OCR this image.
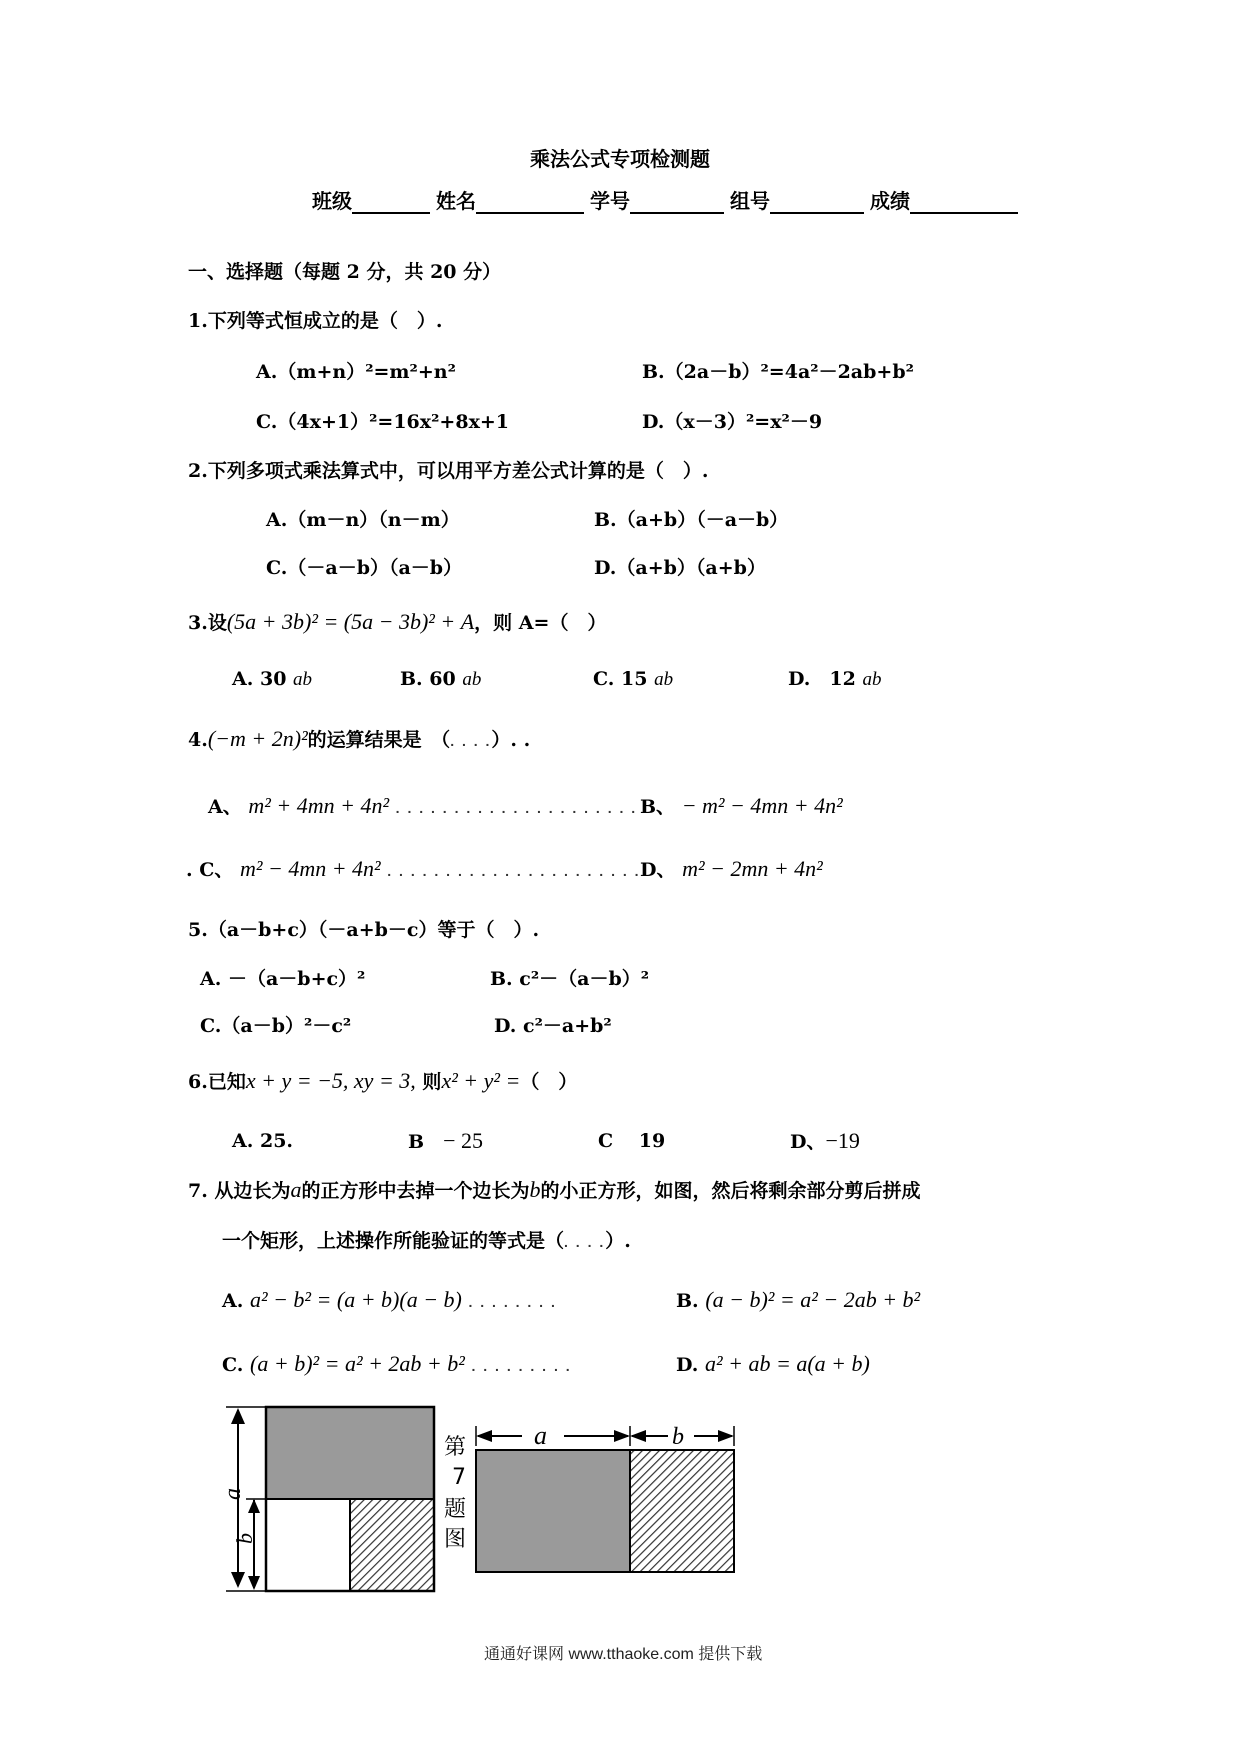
乘法公式专项检测题
班级	姓名	学号	组号	成绩
一、选择题（每题 2 分，共 20 分）
1.下列等式恒成立的是（　）.
A.（m+n）²=m²+n²	B.（2a－b）²=4a²－2ab+b²
C.（4x+1）²=16x²+8x+1	D.（x－3）²=x²－9
2.下列多项式乘法算式中，可以用平方差公式计算的是（　）.
A.（m－n）（n－m）	B.（a+b）（－a－b）
C.（－a－b）（a－b）	D.（a+b）（a+b）
3.设(5a + 3b)² = (5a − 3b)² + A，则 A=（　）
A. 30 ab	B. 60 ab	C. 15 ab	D.　12 ab
4.(−m + 2n)²的运算结果是　（. . . .）. .
A、 m² + 4mn + 4n² . . . . . . . . . . . . . . . . . . . . . .
B、 − m² − 4mn + 4n²
. C、 m² − 4mn + 4n² . . . . . . . . . . . . . . . . . . . . . . D、 m² − 2mn + 4n²
5.（a－b+c）（－a+b－c）等于（　）.
A. －（a－b+c）²	B. c²－（a－b）²
C.（a－b）²－c²	D. c²－a+b²
6.已知x + y = −5, xy = 3, 则x² + y² =（　）
A. 25.	B　 − 25	C　 19	D、−19
7. 从边长为a的正方形中去掉一个边长为b的小正方形，如图，然后将剩余部分剪后拼成
一个矩形，上述操作所能验证的等式是（. . . .）.
A. a² − b² = (a + b)(a − b) . . . . . . . .	B. (a − b)² = a² − 2ab + b²
C. (a + b)² = a² + 2ab + b² . . . . . . . . .	D. a² + ab = a(a + b)
a
b
第
7
题
图
a	b
通通好课网 www.tthaoke.com 提供下载
